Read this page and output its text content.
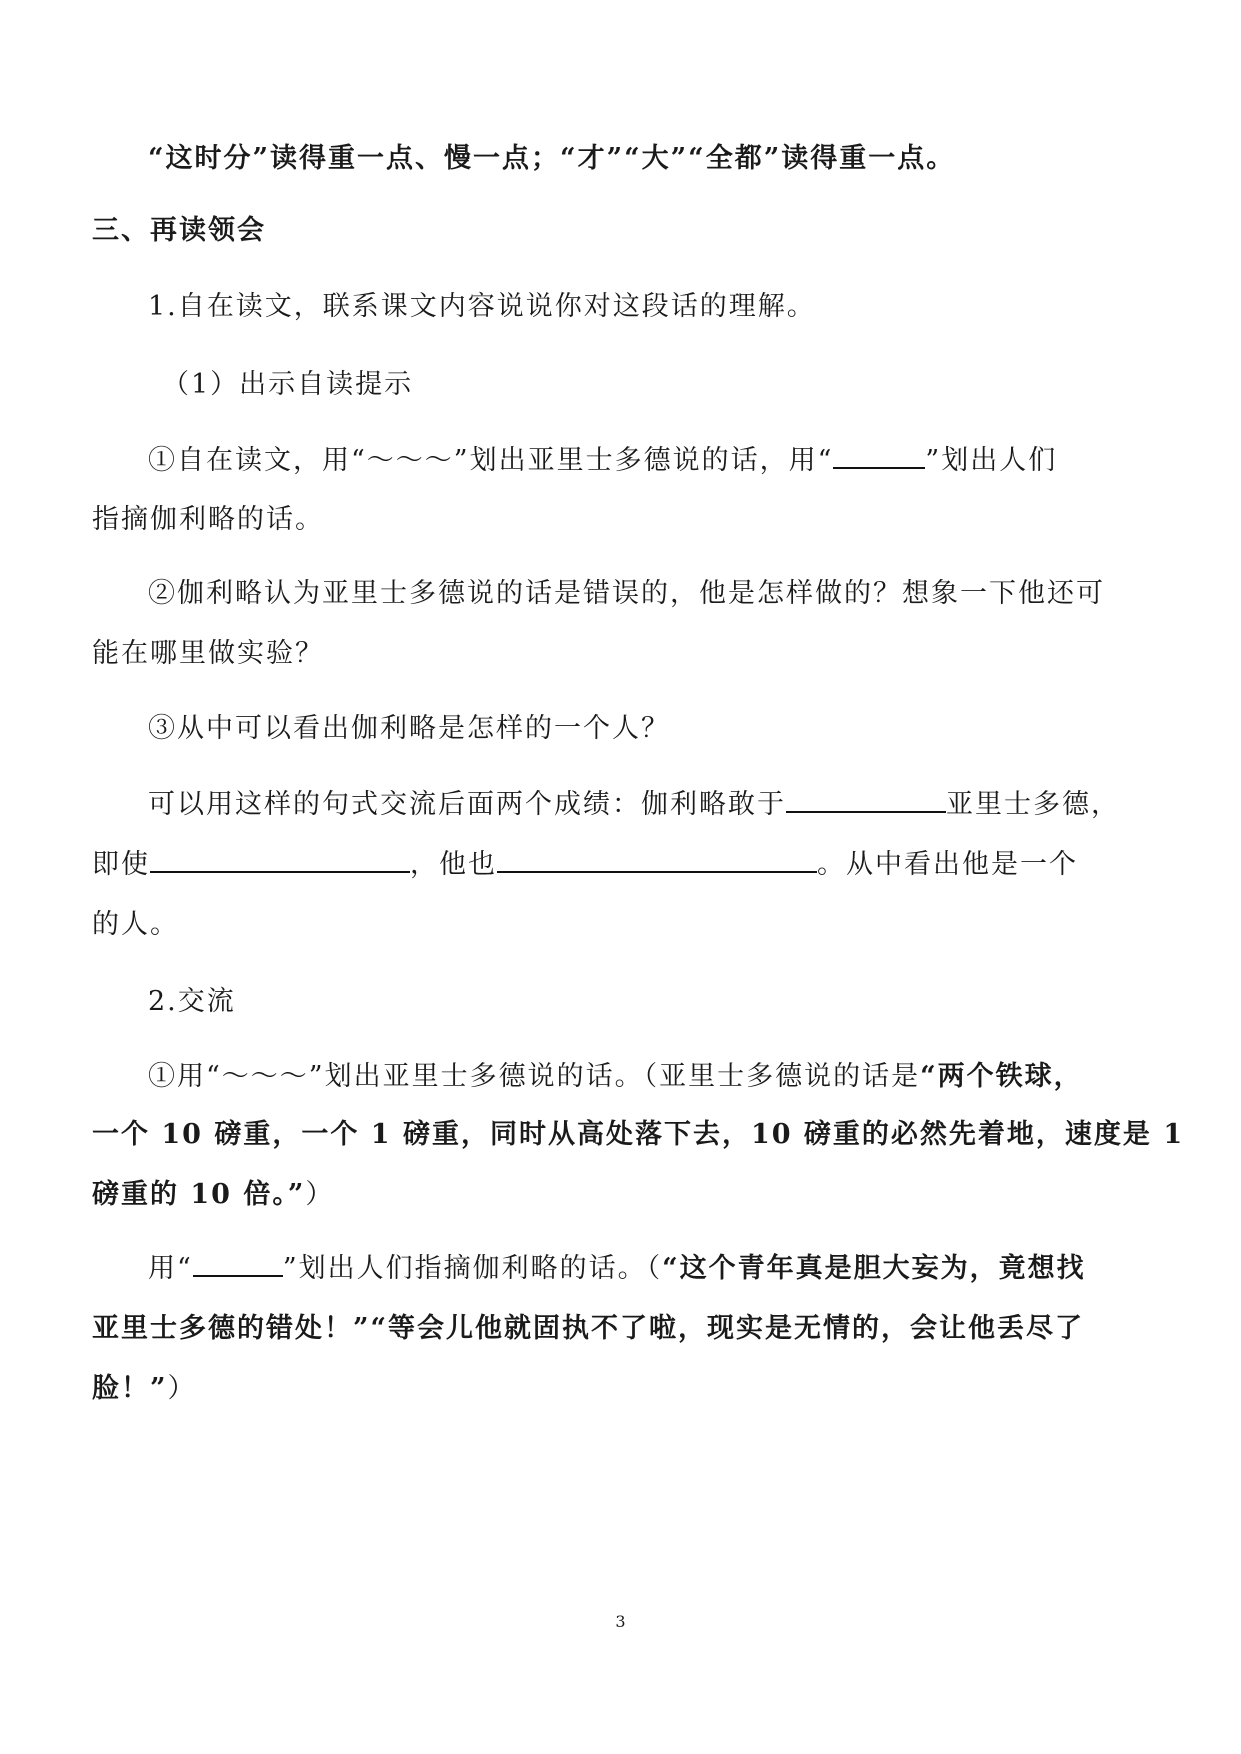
“这时分”读得重一点、慢一点；“才”“大”“全都”读得重一点。
三、再读领会
1.自在读文，联系课文内容说说你对这段话的理解。
（1）出示自读提示
①自在读文，用“～～～”划出亚里士多德说的话，用“	”划出人们
指摘伽利略的话。
②伽利略认为亚里士多德说的话是错误的，他是怎样做的？想象一下他还可
能在哪里做实验？
③从中可以看出伽利略是怎样的一个人？
可以用这样的句式交流后面两个成绩：伽利略敢于	亚里士多德，
即使	，他也	。从中看出他是一个
的人。
2.交流
①用“～～～”划出亚里士多德说的话。（亚里士多德说的话是“两个铁球，
一个 10 磅重，一个 1 磅重，同时从高处落下去，10 磅重的必然先着地，速度是 1
磅重的 10 倍。”）
用“	”划出人们指摘伽利略的话。（“这个青年真是胆大妄为，竟想找
亚里士多德的错处！”“等会儿他就固执不了啦，现实是无情的，会让他丢尽了
脸！”）
3
